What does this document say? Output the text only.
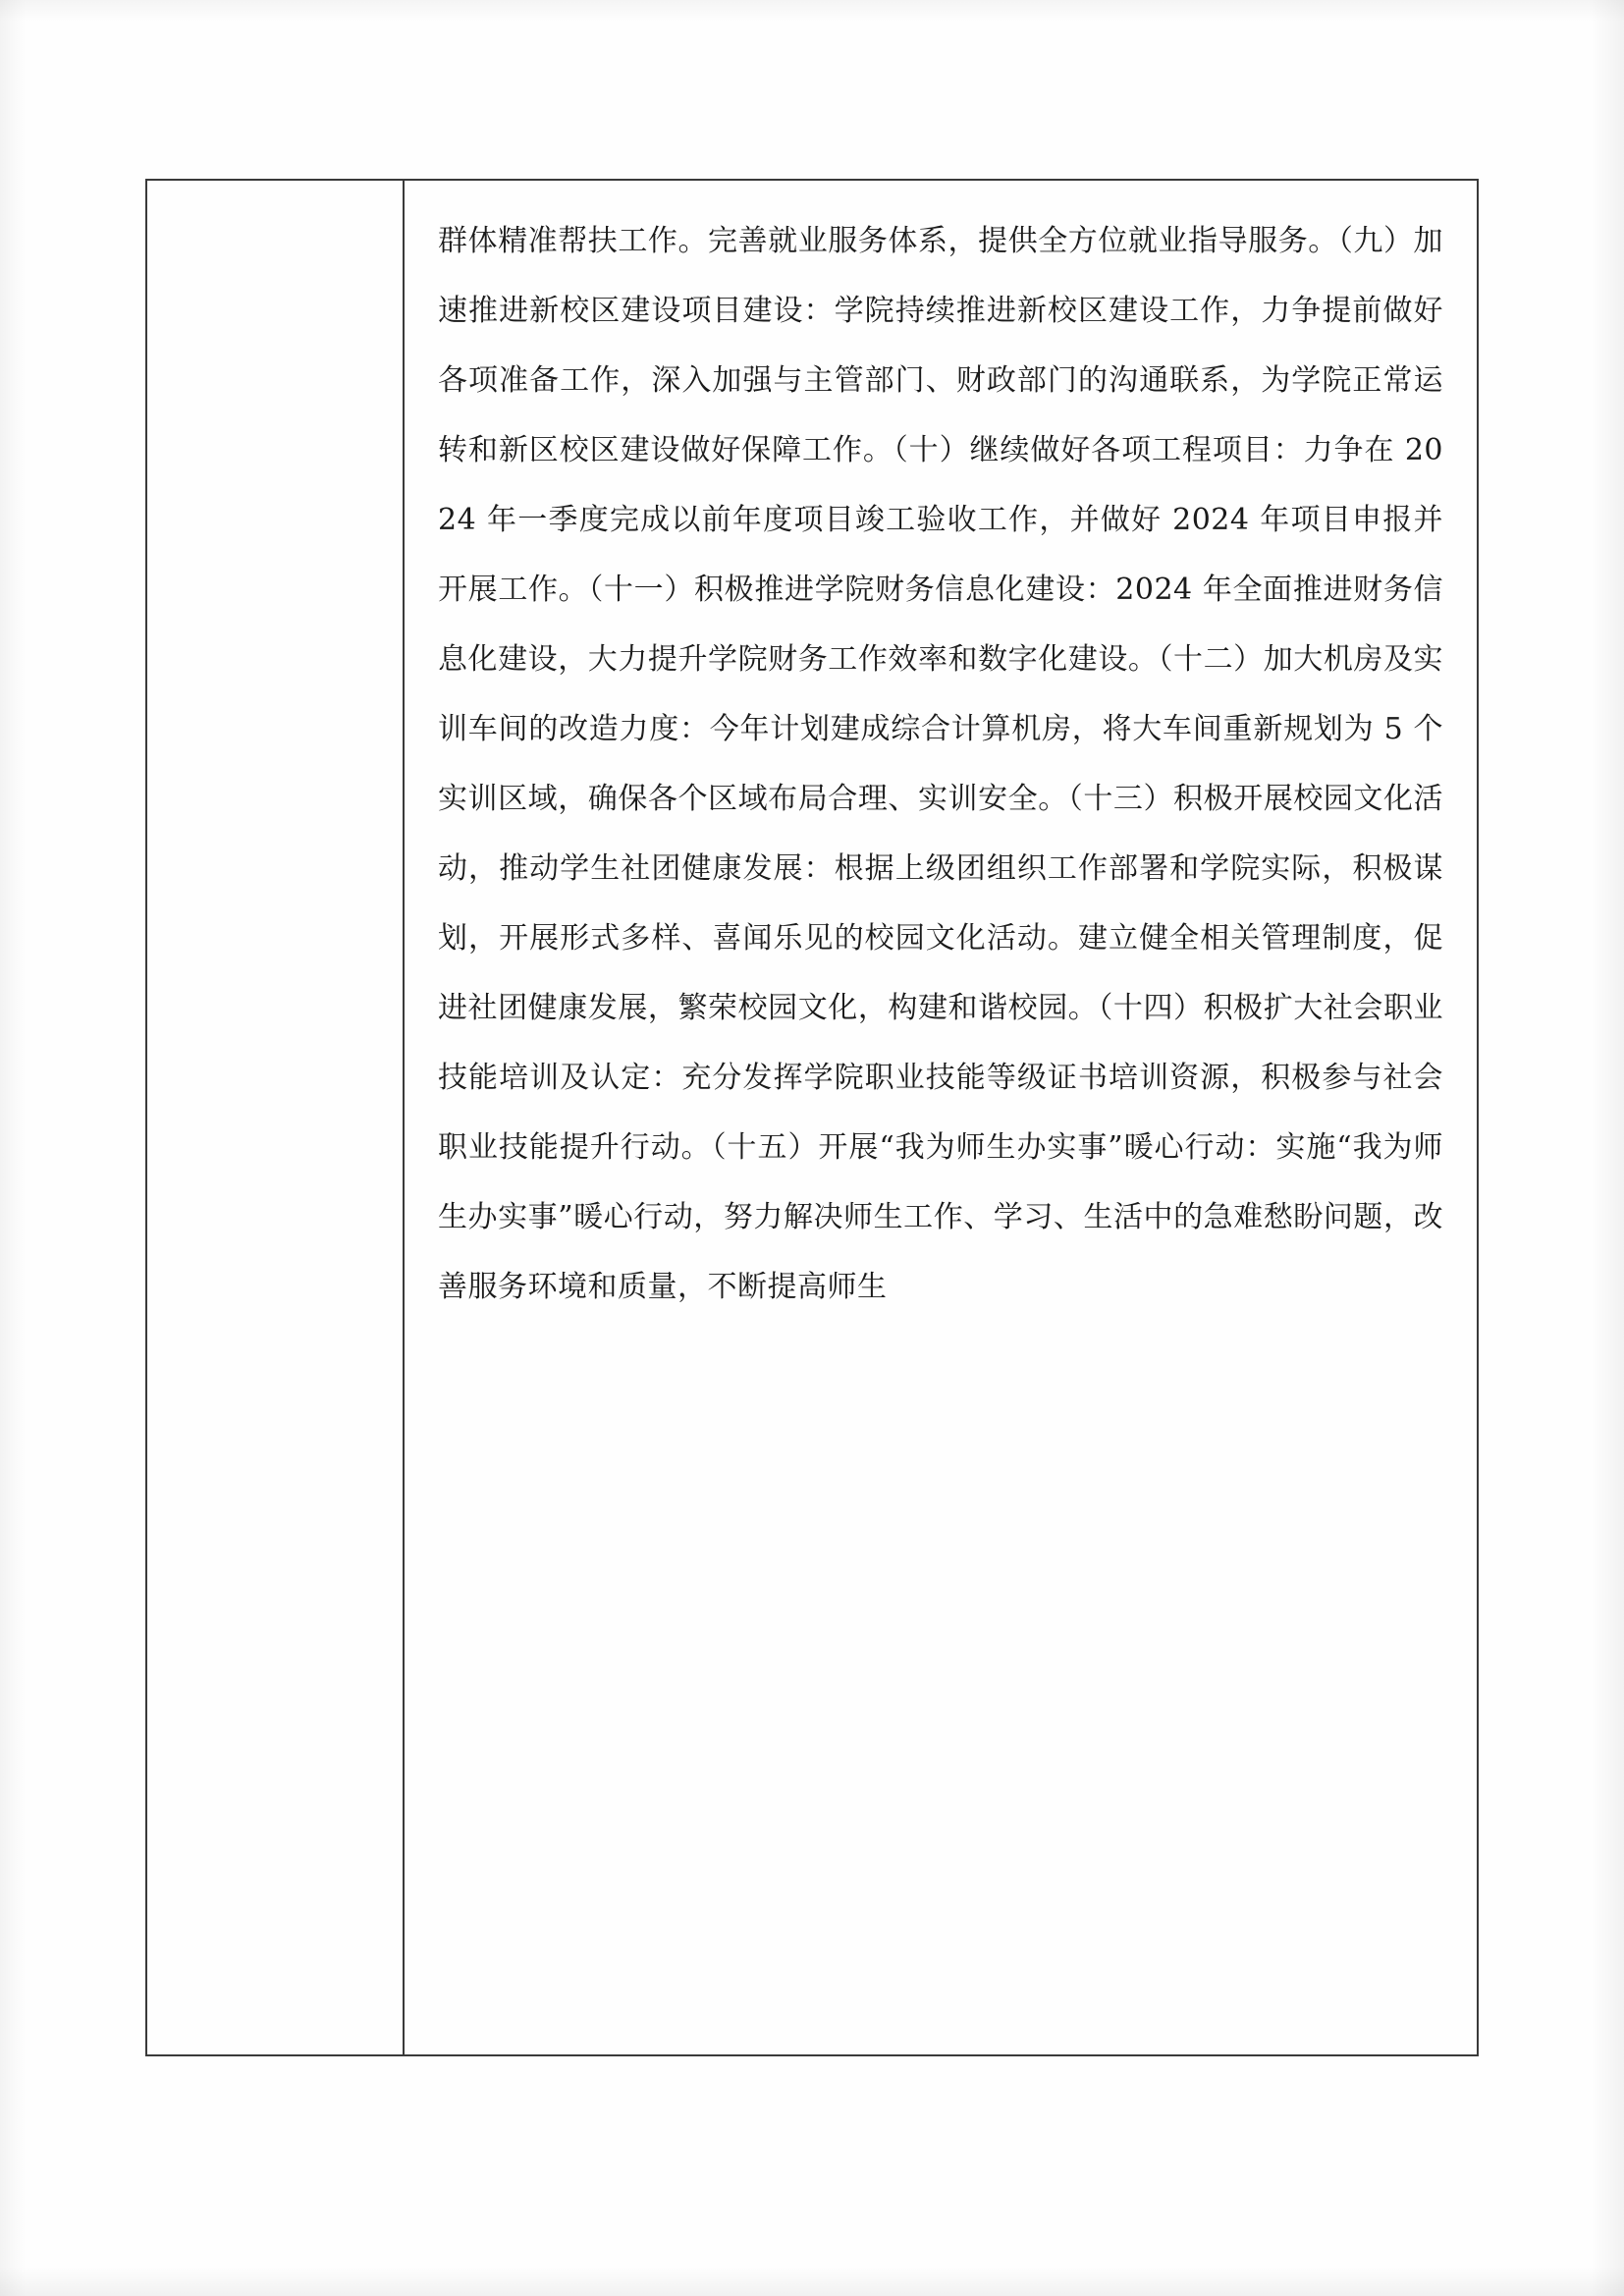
群体精准帮扶工作。完善就业服务体系，提供全方位就业指导服务。（九）加速推进新校区建设项目建设：学院持续推进新校区建设工作，力争提前做好各项准备工作，深入加强与主管部门、财政部门的沟通联系，为学院正常运转和新区校区建设做好保障工作。（十）继续做好各项工程项目：力争在 2024 年一季度完成以前年度项目竣工验收工作，并做好 2024 年项目申报并开展工作。（十一）积极推进学院财务信息化建设：2024 年全面推进财务信息化建设，大力提升学院财务工作效率和数字化建设。（十二）加大机房及实训车间的改造力度：今年计划建成综合计算机房，将大车间重新规划为 5 个实训区域，确保各个区域布局合理、实训安全。（十三）积极开展校园文化活动，推动学生社团健康发展：根据上级团组织工作部署和学院实际，积极谋划，开展形式多样、喜闻乐见的校园文化活动。建立健全相关管理制度，促进社团健康发展，繁荣校园文化，构建和谐校园。（十四）积极扩大社会职业技能培训及认定：充分发挥学院职业技能等级证书培训资源，积极参与社会职业技能提升行动。（十五）开展“我为师生办实事”暖心行动：实施“我为师生办实事”暖心行动，努力解决师生工作、学习、生活中的急难愁盼问题，改善服务环境和质量，不断提高师生
